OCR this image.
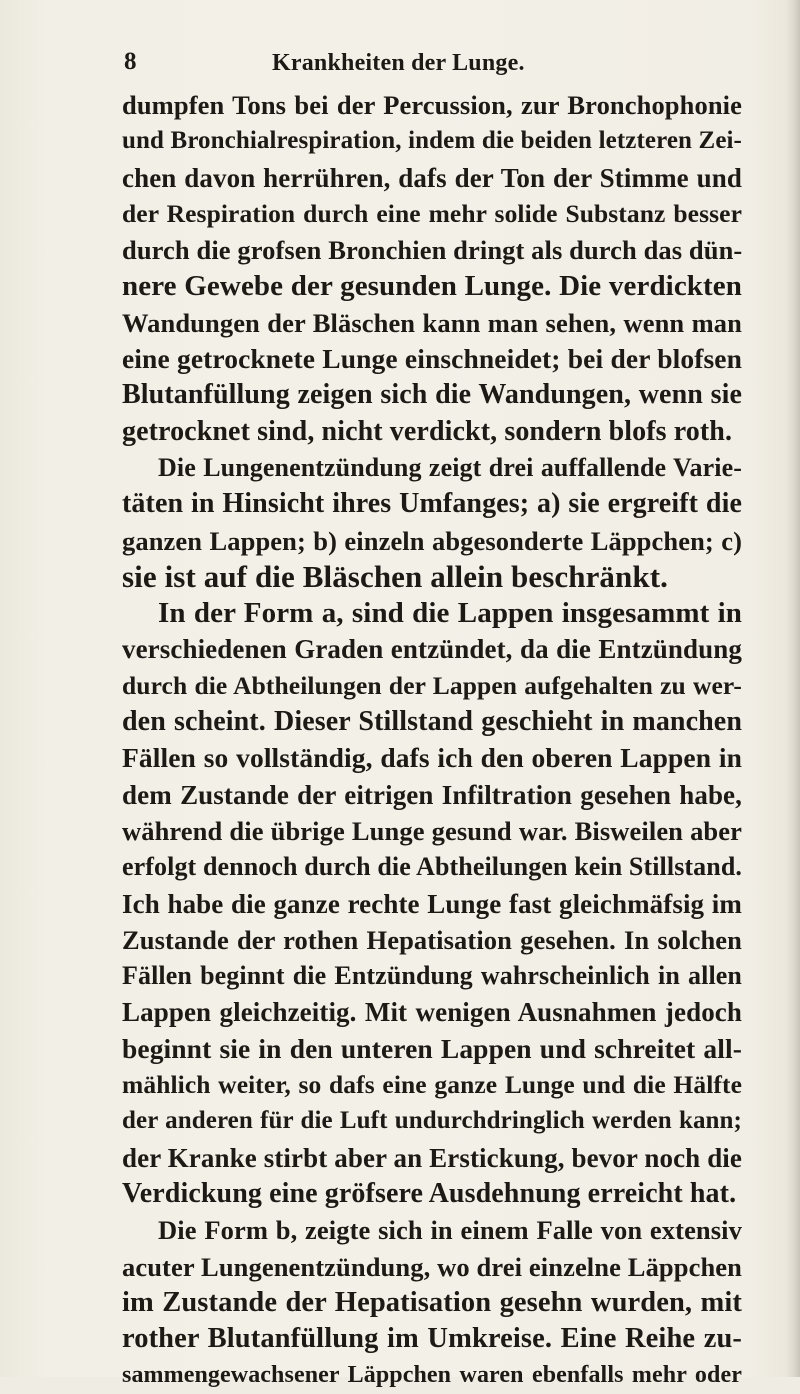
8	Krankheiten der Lunge.
dumpfen Tons bei der Percussion, zur Bronchophonie
und Bronchialrespiration, indem die beiden letzteren Zei-
chen davon herrühren, dafs der Ton der Stimme und
der Respiration durch eine mehr solide Substanz besser
durch die grofsen Bronchien dringt als durch das dün-
nere Gewebe der gesunden Lunge. Die verdickten
Wandungen der Bläschen kann man sehen, wenn man
eine getrocknete Lunge einschneidet; bei der blofsen
Blutanfüllung zeigen sich die Wandungen, wenn sie
getrocknet sind, nicht verdickt, sondern blofs roth.
Die Lungenentzündung zeigt drei auffallende Varie-
täten in Hinsicht ihres Umfanges; a) sie ergreift die
ganzen Lappen; b) einzeln abgesonderte Läppchen; c)
sie ist auf die Bläschen allein beschränkt.
In der Form a, sind die Lappen insgesammt in
verschiedenen Graden entzündet, da die Entzündung
durch die Abtheilungen der Lappen aufgehalten zu wer-
den scheint. Dieser Stillstand geschieht in manchen
Fällen so vollständig, dafs ich den oberen Lappen in
dem Zustande der eitrigen Infiltration gesehen habe,
während die übrige Lunge gesund war. Bisweilen aber
erfolgt dennoch durch die Abtheilungen kein Stillstand.
Ich habe die ganze rechte Lunge fast gleichmäfsig im
Zustande der rothen Hepatisation gesehen. In solchen
Fällen beginnt die Entzündung wahrscheinlich in allen
Lappen gleichzeitig. Mit wenigen Ausnahmen jedoch
beginnt sie in den unteren Lappen und schreitet all-
mählich weiter, so dafs eine ganze Lunge und die Hälfte
der anderen für die Luft undurchdringlich werden kann;
der Kranke stirbt aber an Erstickung, bevor noch die
Verdickung eine gröfsere Ausdehnung erreicht hat.
Die Form b, zeigte sich in einem Falle von extensiv
acuter Lungenentzündung, wo drei einzelne Läppchen
im Zustande der Hepatisation gesehn wurden, mit
rother Blutanfüllung im Umkreise. Eine Reihe zu-
sammengewachsener Läppchen waren ebenfalls mehr oder
